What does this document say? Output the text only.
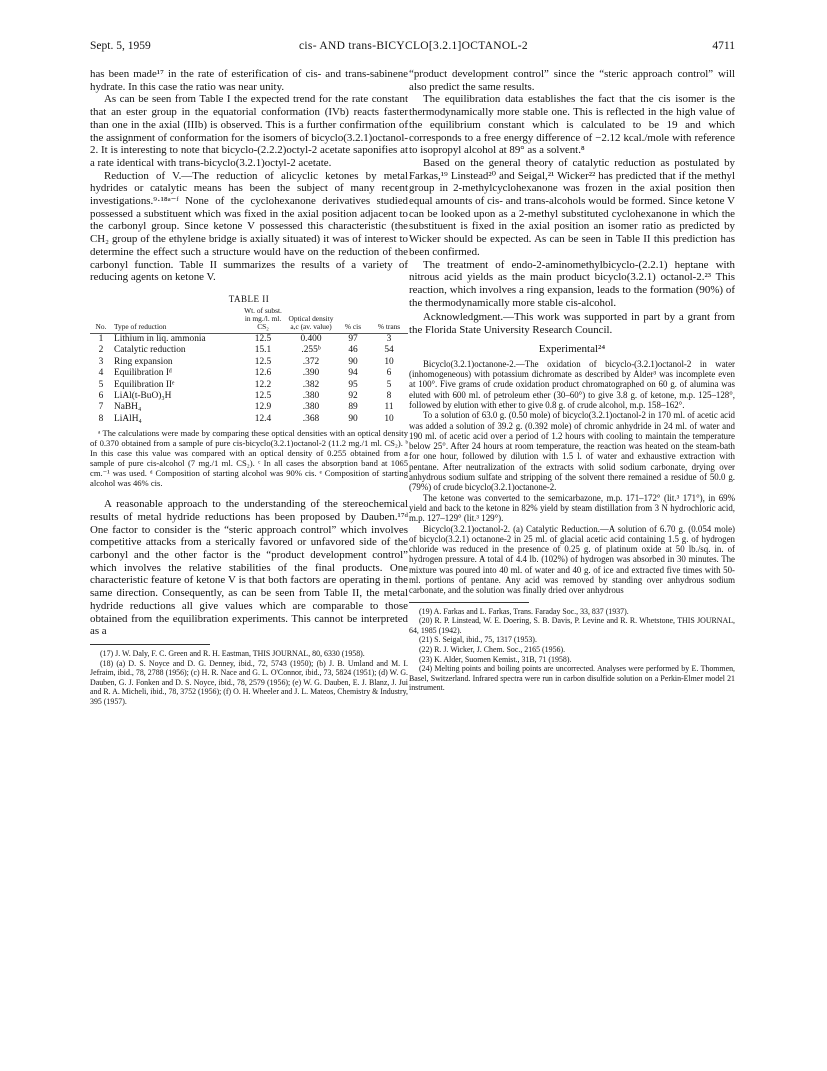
Sept. 5, 1959	cis- AND trans-BICYCLO[3.2.1]OCTANOL-2	4711

has been made¹⁷ in the rate of esterification of cis- and trans-sabinene hydrate. In this case the ratio was near unity.

As can be seen from Table I the expected trend for the rate constant that an ester group in the equatorial conformation (IVb) reacts faster than one in the axial (IIIb) is observed. This is a further confirmation of the assignment of conformation for the isomers of bicyclo(3.2.1)octanol-2. It is interesting to note that bicyclo-(2.2.2)octyl-2 acetate saponifies at a rate identical with trans-bicyclo(3.2.1)octyl-2 acetate.

Reduction of V.—The reduction of alicyclic ketones by metal hydrides or catalytic means has been the subject of many recent investigations.⁹·¹⁸ᵃ⁻ᶠ None of the cyclohexanone derivatives studied possessed a substituent which was fixed in the axial position adjacent to the carbonyl group. Since ketone V possessed this characteristic (the CH₂ group of the ethylene bridge is axially situated) it was of interest to determine the effect such a structure would have on the reduction of the carbonyl function. Table II summarizes the results of a variety of reducing agents on ketone V.

TABLE II
No.	Type of reduction	Wt. of subst. in mg./l. ml. CS₂	Optical density a,c (av. value)	% cis	% trans
1	Lithium in liq. ammonia	12.5	0.400	97	3
2	Catalytic reduction	15.1	.255ᵇ	46	54
3	Ring expansion	12.5	.372	90	10
4	Equilibration Iᵈ	12.6	.390	94	6
5	Equilibration IIᵉ	12.2	.382	95	5
6	LiAl(t-BuO)₃H	12.5	.380	92	8
7	NaBH₄	12.9	.380	89	11
8	LiAlH₄	12.4	.368	90	10
ᵃ The calculations were made by comparing these optical densities with an optical density of 0.370 obtained from a sample of pure cis-bicyclo(3.2.1)octanol-2 (11.2 mg./1 ml. CS₂). ᵇ In this case this value was compared with an optical density of 0.255 obtained from a sample of pure cis-alcohol (7 mg./1 ml. CS₂). ᶜ In all cases the absorption band at 1065 cm.⁻¹ was used. ᵈ Composition of starting alcohol was 90% cis. ᵉ Composition of starting alcohol was 46% cis.

A reasonable approach to the understanding of the stereochemical results of metal hydride reductions has been proposed by Dauben.¹⁷ᵈ One factor to consider is the “steric approach control” which involves competitive attacks from a sterically favored or unfavored side of the carbonyl and the other factor is the “product development control” which involves the relative stabilities of the final products. One characteristic feature of ketone V is that both factors are operating in the same direction. Consequently, as can be seen from Table II, the metal hydride reductions all give values which are comparable to those obtained from the equilibration experiments. This cannot be interpreted as a

(17) J. W. Daly, F. C. Green and R. H. Eastman, THIS JOURNAL, 80, 6330 (1958).
(18) (a) D. S. Noyce and D. G. Denney, ibid., 72, 5743 (1950); (b) J. B. Umland and M. I. Jefraim, ibid., 78, 2788 (1956); (c) H. R. Nace and G. L. O'Connor, ibid., 73, 5824 (1951); (d) W. G. Dauben, G. J. Fonken and D. S. Noyce, ibid., 78, 2579 (1956); (e) W. G. Dauben, E. J. Blanz, J. Jui and R. A. Micheli, ibid., 78, 3752 (1956); (f) O. H. Wheeler and J. L. Mateos, Chemistry & Industry, 395 (1957).

“product development control” since the “steric approach control” will also predict the same results.

The equilibration data establishes the fact that the cis isomer is the thermodynamically more stable one. This is reflected in the high value of the equilibrium constant which is calculated to be 19 and which corresponds to a free energy difference of −2.12 kcal./mole with reference to isopropyl alcohol at 89° as a solvent.⁸

Based on the general theory of catalytic reduction as postulated by Farkas,¹⁹ Linstead²⁰ and Seigal,²¹ Wicker²² has predicted that if the methyl group in 2-methylcyclohexanone was frozen in the axial position then equal amounts of cis- and trans-alcohols would be formed. Since ketone V can be looked upon as a 2-methyl substituted cyclohexanone in which the substituent is fixed in the axial position an isomer ratio as predicted by Wicker should be expected. As can be seen in Table II this prediction has been confirmed.

The treatment of endo-2-aminomethylbicyclo-(2.2.1) heptane with nitrous acid yields as the main product bicyclo(3.2.1) octanol-2.²³ This reaction, which involves a ring expansion, leads to the formation (90%) of the thermodynamically more stable cis-alcohol.

Acknowledgment.—This work was supported in part by a grant from the Florida State University Research Council.

Experimental²⁴

Bicyclo(3.2.1)octanone-2.—The oxidation of bicyclo-(3.2.1)octanol-2 in water (inhomogeneous) with potassium dichromate as described by Alder³ was incomplete even at 100°. Five grams of crude oxidation product chromatographed on 60 g. of alumina was eluted with 600 ml. of petroleum ether (30–60°) to give 3.8 g. of ketone, m.p. 125–128°, followed by elution with ether to give 0.8 g. of crude alcohol, m.p. 158–162°.

To a solution of 63.0 g. (0.50 mole) of bicyclo(3.2.1)octanol-2 in 170 ml. of acetic acid was added a solution of 39.2 g. (0.392 mole) of chromic anhydride in 24 ml. of water and 190 ml. of acetic acid over a period of 1.2 hours with cooling to maintain the temperature below 25°. After 24 hours at room temperature, the reaction was heated on the steam-bath for one hour, followed by dilution with 1.5 l. of water and exhaustive extraction with pentane. After neutralization of the extracts with solid sodium carbonate, drying over anhydrous sodium sulfate and stripping of the solvent there remained a residue of 50.0 g. (79%) of crude bicyclo(3.2.1)octanone-2.

The ketone was converted to the semicarbazone, m.p. 171–172° (lit.³ 171°), in 69% yield and back to the ketone in 82% yield by steam distillation from 3 N hydrochloric acid, m.p. 127–129° (lit.³ 129°).

Bicyclo(3.2.1)octanol-2. (a) Catalytic Reduction.—A solution of 6.70 g. (0.054 mole) of bicyclo(3.2.1) octanone-2 in 25 ml. of glacial acetic acid containing 1.5 g. of hydrogen chloride was reduced in the presence of 0.25 g. of platinum oxide at 50 lb./sq. in. of hydrogen pressure. A total of 4.4 lb. (102%) of hydrogen was absorbed in 30 minutes. The mixture was poured into 40 ml. of water and 40 g. of ice and extracted five times with 50-ml. portions of pentane. Any acid was removed by standing over anhydrous sodium carbonate, and the solution was finally dried over anhydrous

(19) A. Farkas and L. Farkas, Trans. Faraday Soc., 33, 837 (1937).
(20) R. P. Linstead, W. E. Doering, S. B. Davis, P. Levine and R. R. Whetstone, THIS JOURNAL, 64, 1985 (1942).
(21) S. Seigal, ibid., 75, 1317 (1953).
(22) R. J. Wicker, J. Chem. Soc., 2165 (1956).
(23) K. Alder, Suomen Kemist., 31B, 71 (1958).
(24) Melting points and boiling points are uncorrected. Analyses were performed by E. Thommen, Basel, Switzerland. Infrared spectra were run in carbon disulfide solution on a Perkin-Elmer model 21 instrument.
